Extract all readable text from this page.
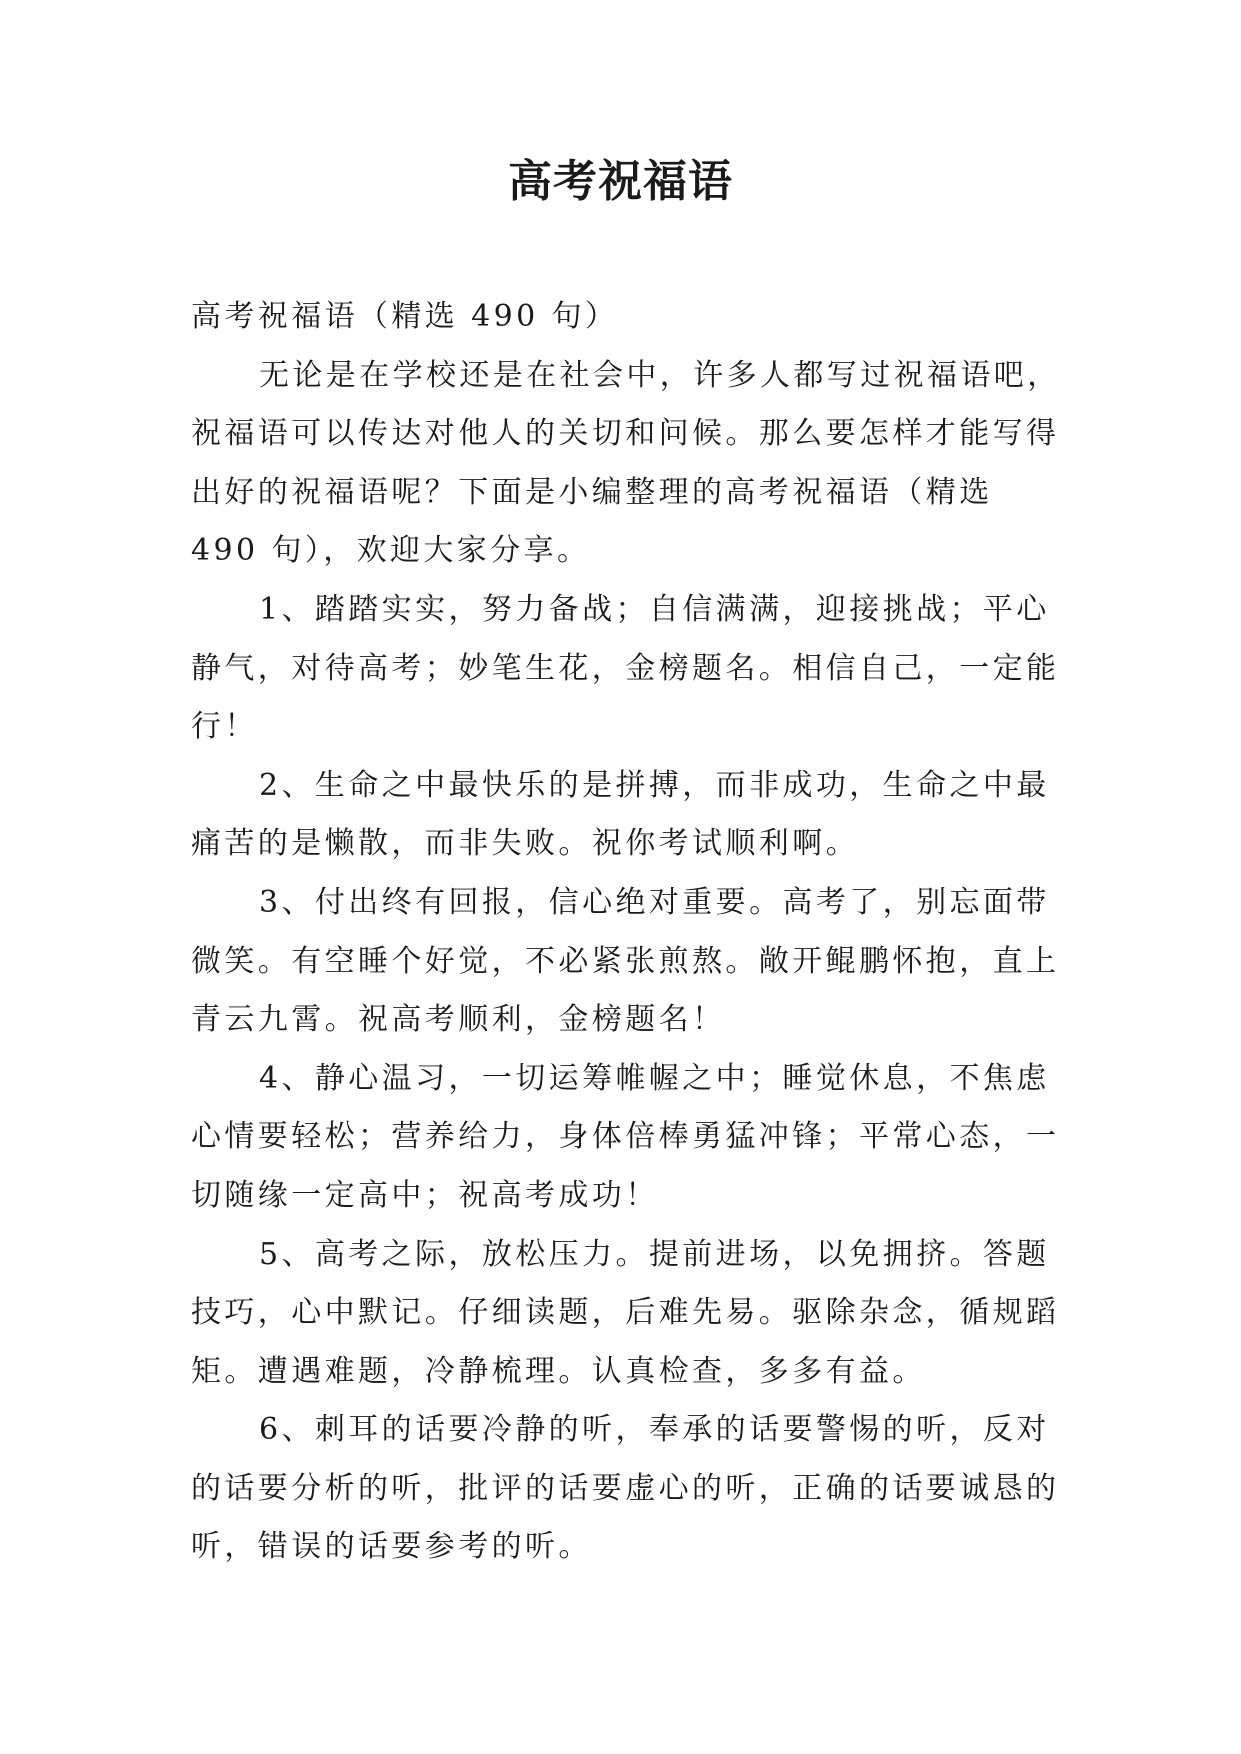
高考祝福语

高考祝福语（精选 490 句）

无论是在学校还是在社会中，许多人都写过祝福语吧，祝福语可以传达对他人的关切和问候。那么要怎样才能写得出好的祝福语呢？下面是小编整理的高考祝福语（精选 490 句），欢迎大家分享。

1、踏踏实实，努力备战；自信满满，迎接挑战；平心静气，对待高考；妙笔生花，金榜题名。相信自己，一定能行！

2、生命之中最快乐的是拼搏，而非成功，生命之中最痛苦的是懒散，而非失败。祝你考试顺利啊。

3、付出终有回报，信心绝对重要。高考了，别忘面带微笑。有空睡个好觉，不必紧张煎熬。敞开鲲鹏怀抱，直上青云九霄。祝高考顺利，金榜题名！

4、静心温习，一切运筹帷幄之中；睡觉休息，不焦虑心情要轻松；营养给力，身体倍棒勇猛冲锋；平常心态，一切随缘一定高中；祝高考成功！

5、高考之际，放松压力。提前进场，以免拥挤。答题技巧，心中默记。仔细读题，后难先易。驱除杂念，循规蹈矩。遭遇难题，冷静梳理。认真检查，多多有益。

6、刺耳的话要冷静的听，奉承的话要警惕的听，反对的话要分析的听，批评的话要虚心的听，正确的话要诚恳的听，错误的话要参考的听。
